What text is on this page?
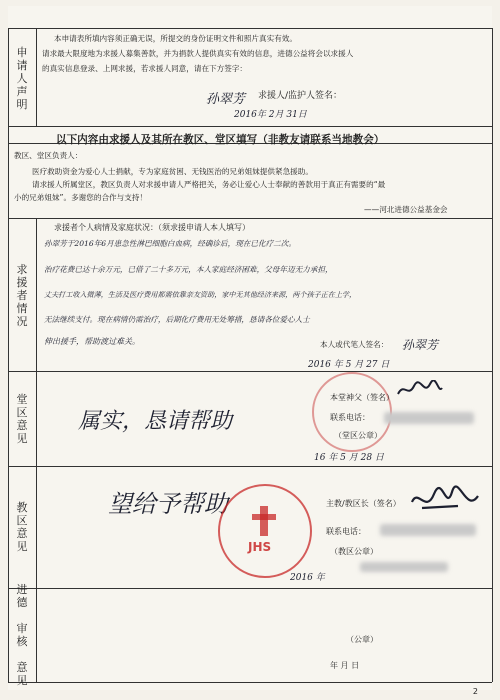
申
请
人
声
明
本申请表所填内容须正确无误，所提交的身份证明文件和照片真实有效。
请求最大限度地为求援人募集善款，并为捐款人提供真实有效的信息，进德公益将会以求援人
的真实信息登录、上网求援，若求援人同意，请在下方签字：
孙翠芳 求援人/监护人签名：
2016年 2月 31日
以下内容由求援人及其所在教区、堂区填写（非教友请联系当地教会）
教区、堂区负责人：
医疗救助资金为爱心人士捐献，专为家庭贫困、无钱医治的兄弟姐妹提供紧急援助。
请求援人所属堂区，教区负责人对求援申请人严格把关，务必让爱心人士奉献的善款用于真正有需要的“最
小的兄弟姐妹”。多谢您的合作与支持！
——河北进德公益基金会
求
援
者
情
况
求援者个人病情及家庭状况：（须求援申请人本人填写）
孙翠芳于2016年6月患急性淋巴细胞白血病，经确诊后，现在已化疗二次。
治疗花费已达十余万元，已借了二十多万元，本人家庭经济困难，父母年迈无力承担，
丈夫打工收入微薄，生活及医疗费用都需依靠亲友资助，家中无其他经济来源，两个孩子正在上学，
无法继续支付。现在病情仍需治疗，后期化疗费用无处筹措，恳请各位爱心人士
伸出援手，帮助渡过难关。	本人或代笔人签名： 孙翠芳
2016 年 5 月 27 日
堂
区
意
见
属实，恳请帮助
本堂神父（签名）
联系电话：
（堂区公章）
16 年 5 月 28 日
教
区
意
见
望给予帮助
JHS
主教/教区长（签名）
联系电话：
（教区公章）
2016 年
进
德

审
核

意
见
（公章）
年 月 日
2
